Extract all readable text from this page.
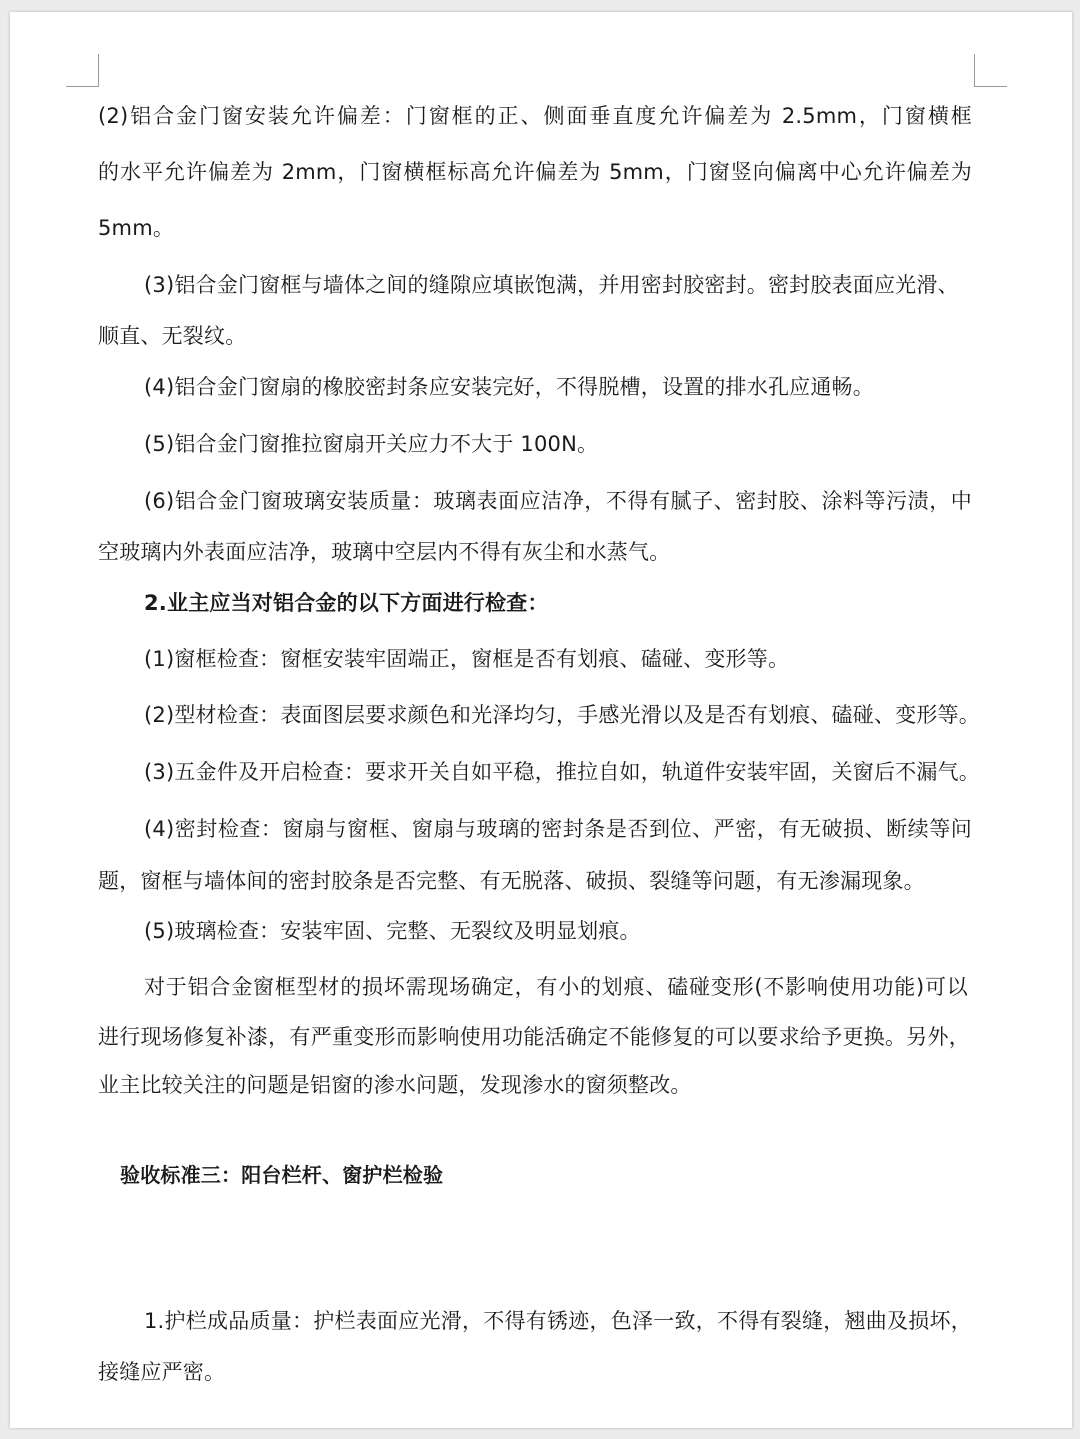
(2)铝合金门窗安装允许偏差：门窗框的正、侧面垂直度允许偏差为 2.5mm，门窗横框

的水平允许偏差为 2mm，门窗横框标高允许偏差为 5mm，门窗竖向偏离中心允许偏差为

5mm。

(3)铝合金门窗框与墙体之间的缝隙应填嵌饱满，并用密封胶密封。密封胶表面应光滑、

顺直、无裂纹。

(4)铝合金门窗扇的橡胶密封条应安装完好，不得脱槽，设置的排水孔应通畅。

(5)铝合金门窗推拉窗扇开关应力不大于 100N。

(6)铝合金门窗玻璃安装质量：玻璃表面应洁净，不得有腻子、密封胶、涂料等污渍，中

空玻璃内外表面应洁净，玻璃中空层内不得有灰尘和水蒸气。

2.业主应当对铝合金的以下方面进行检查：

(1)窗框检查：窗框安装牢固端正，窗框是否有划痕、磕碰、变形等。

(2)型材检查：表面图层要求颜色和光泽均匀，手感光滑以及是否有划痕、磕碰、变形等。

(3)五金件及开启检查：要求开关自如平稳，推拉自如，轨道件安装牢固，关窗后不漏气。

(4)密封检查：窗扇与窗框、窗扇与玻璃的密封条是否到位、严密，有无破损、断续等问

题，窗框与墙体间的密封胶条是否完整、有无脱落、破损、裂缝等问题，有无渗漏现象。

(5)玻璃检查：安装牢固、完整、无裂纹及明显划痕。

对于铝合金窗框型材的损坏需现场确定，有小的划痕、磕碰变形(不影响使用功能)可以

进行现场修复补漆，有严重变形而影响使用功能活确定不能修复的可以要求给予更换。另外，

业主比较关注的问题是铝窗的渗水问题，发现渗水的窗须整改。

验收标准三：阳台栏杆、窗护栏检验

1.护栏成品质量：护栏表面应光滑，不得有锈迹，色泽一致，不得有裂缝，翘曲及损坏，

接缝应严密。
